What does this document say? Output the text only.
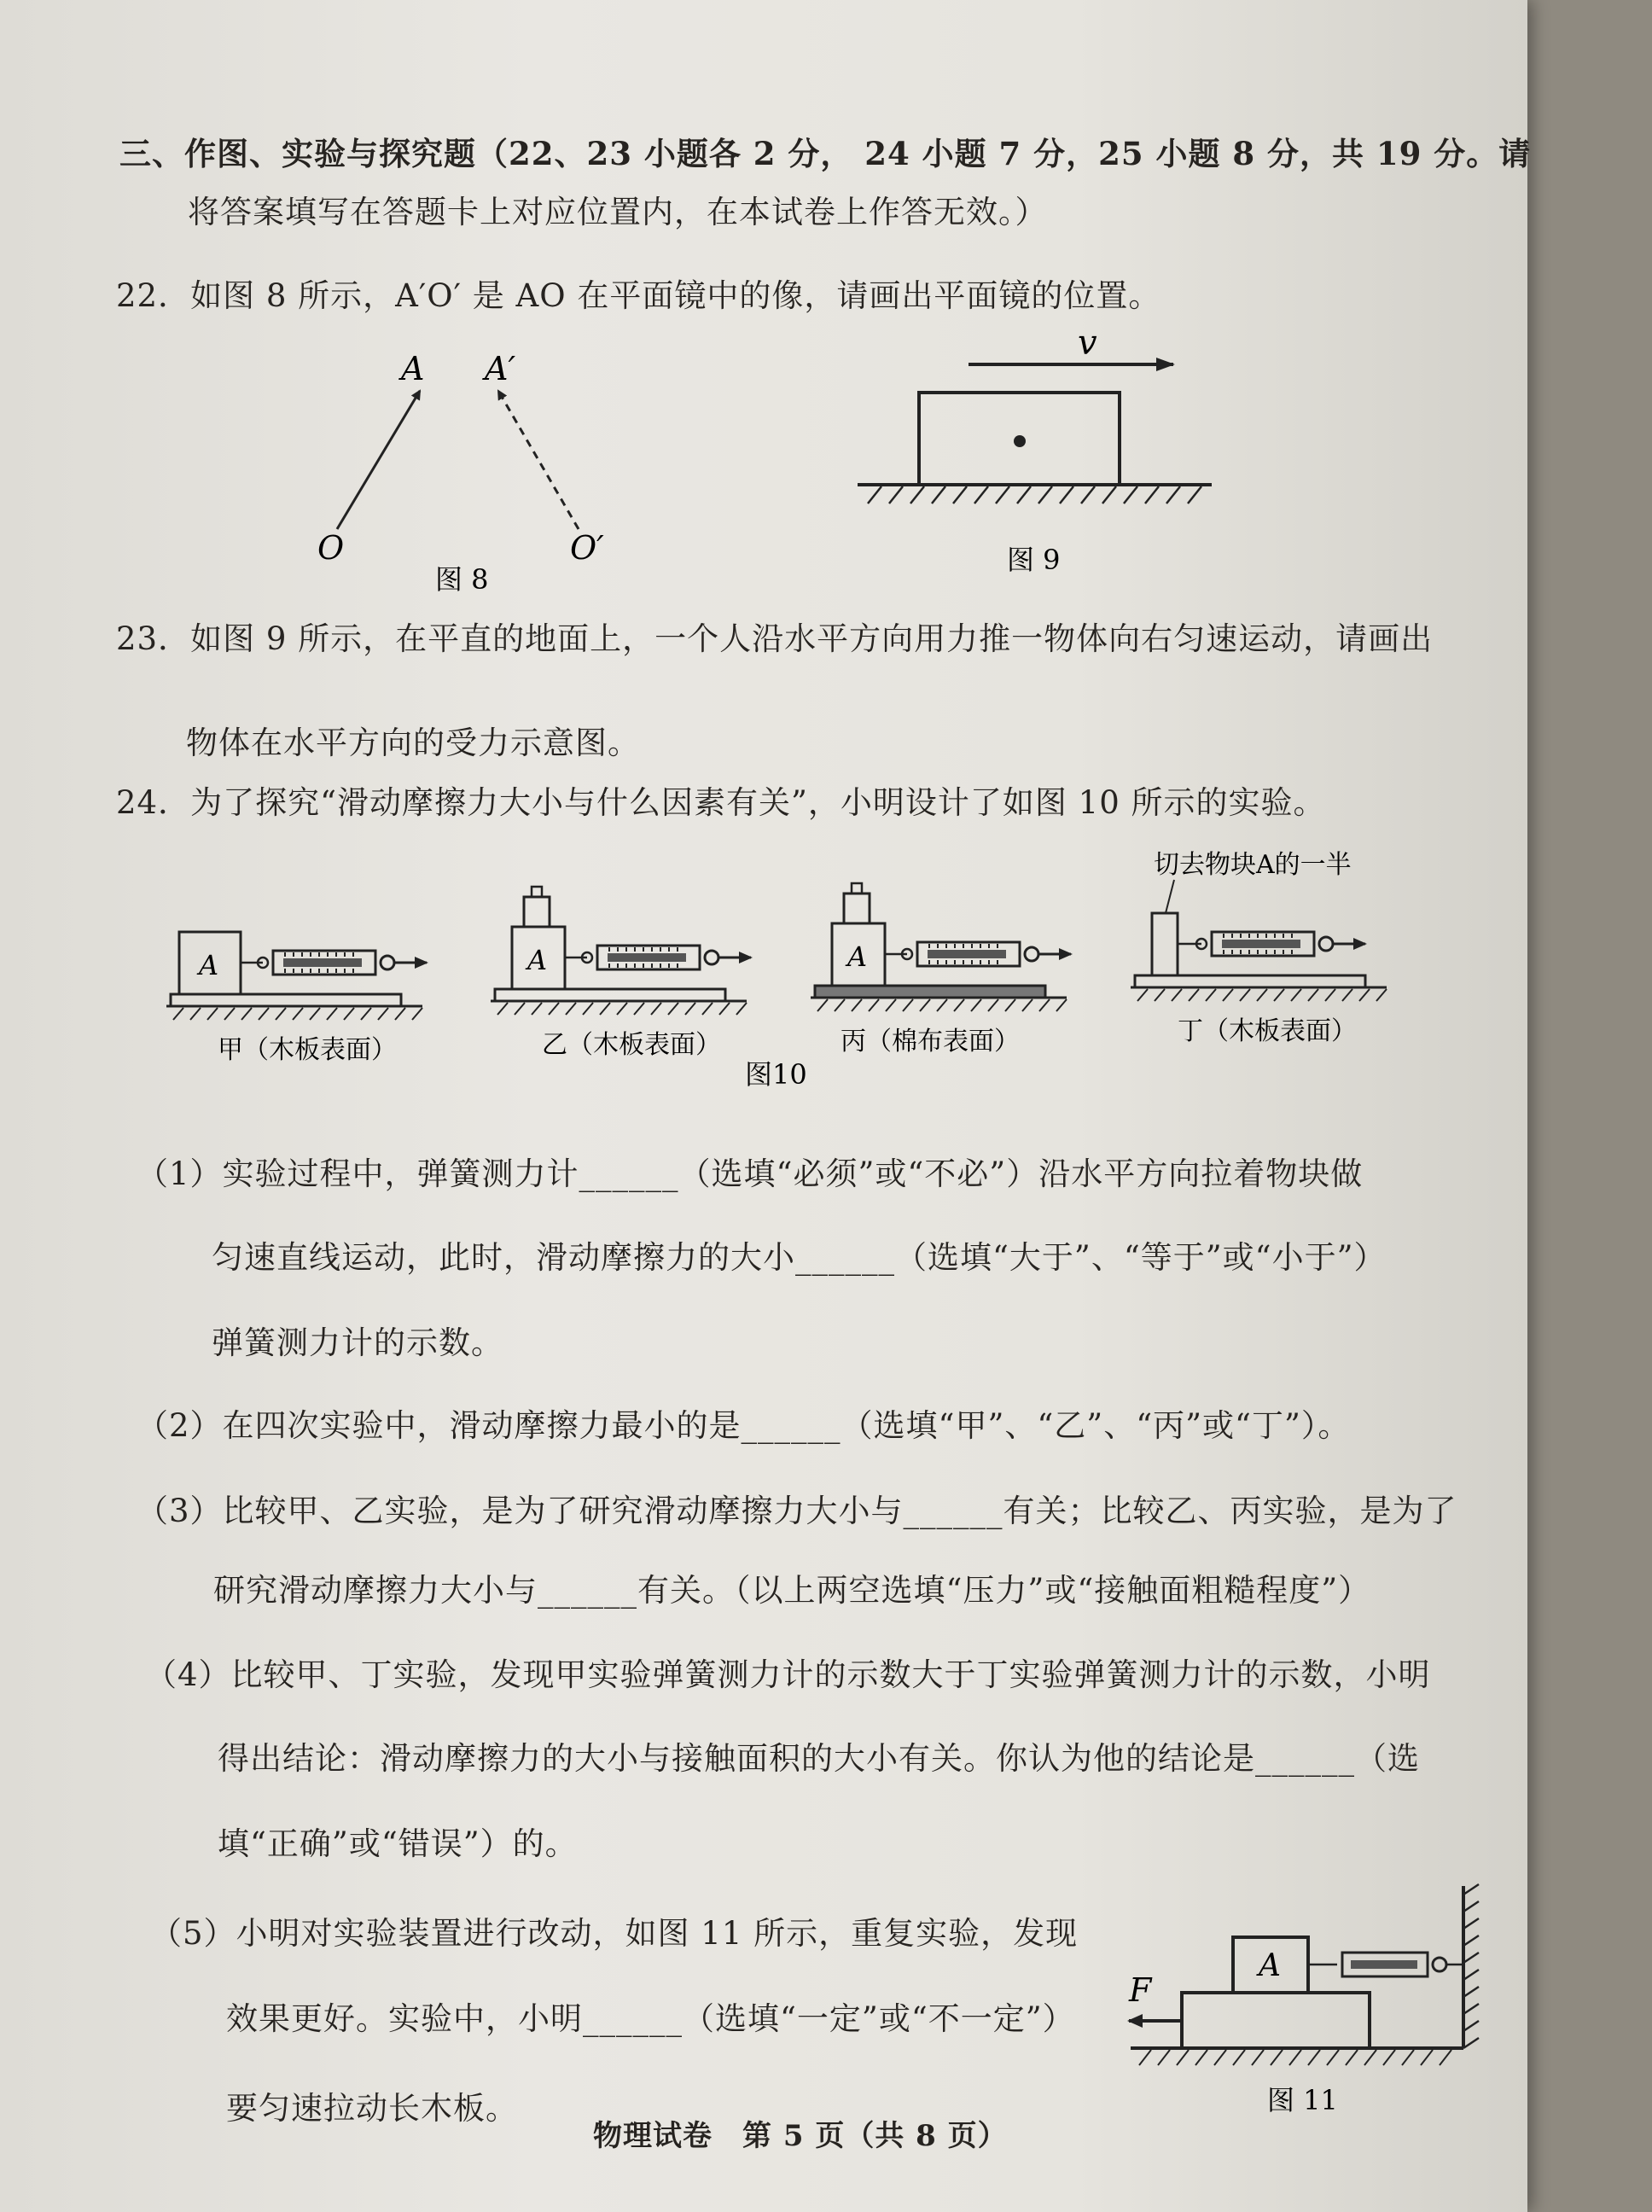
三、作图、实验与探究题（22、23 小题各 2 分， 24 小题 7 分，25 小题 8 分，共 19 分。请
将答案填写在答题卡上对应位置内，在本试卷上作答无效。）
22．如图 8 所示，A′O′ 是 AO 在平面镜中的像，请画出平面镜的位置。
A A′
O	O′
图 8
v
图 9
23．如图 9 所示，在平直的地面上，一个人沿水平方向用力推一物体向右匀速运动，请画出
物体在水平方向的受力示意图。
24．为了探究“滑动摩擦力大小与什么因素有关”，小明设计了如图 10 所示的实验。
A
甲（木板表面）
A
乙（木板表面）
A
丙（棉布表面）
切去物块A的一半
丁（木板表面）
图10
（1）实验过程中，弹簧测力计______（选填“必须”或“不必”）沿水平方向拉着物块做
匀速直线运动，此时，滑动摩擦力的大小______（选填“大于”、“等于”或“小于”）
弹簧测力计的示数。
（2）在四次实验中，滑动摩擦力最小的是______（选填“甲”、“乙”、“丙”或“丁”）。
（3）比较甲、乙实验，是为了研究滑动摩擦力大小与______有关；比较乙、丙实验，是为了
研究滑动摩擦力大小与______有关。（以上两空选填“压力”或“接触面粗糙程度”）
（4）比较甲、丁实验，发现甲实验弹簧测力计的示数大于丁实验弹簧测力计的示数，小明
得出结论：滑动摩擦力的大小与接触面积的大小有关。你认为他的结论是______（选
填“正确”或“错误”）的。
（5）小明对实验装置进行改动，如图 11 所示，重复实验，发现
效果更好。实验中，小明______（选填“一定”或“不一定”）
要匀速拉动长木板。
A
F
图 11
物理试卷　第 5 页（共 8 页）
